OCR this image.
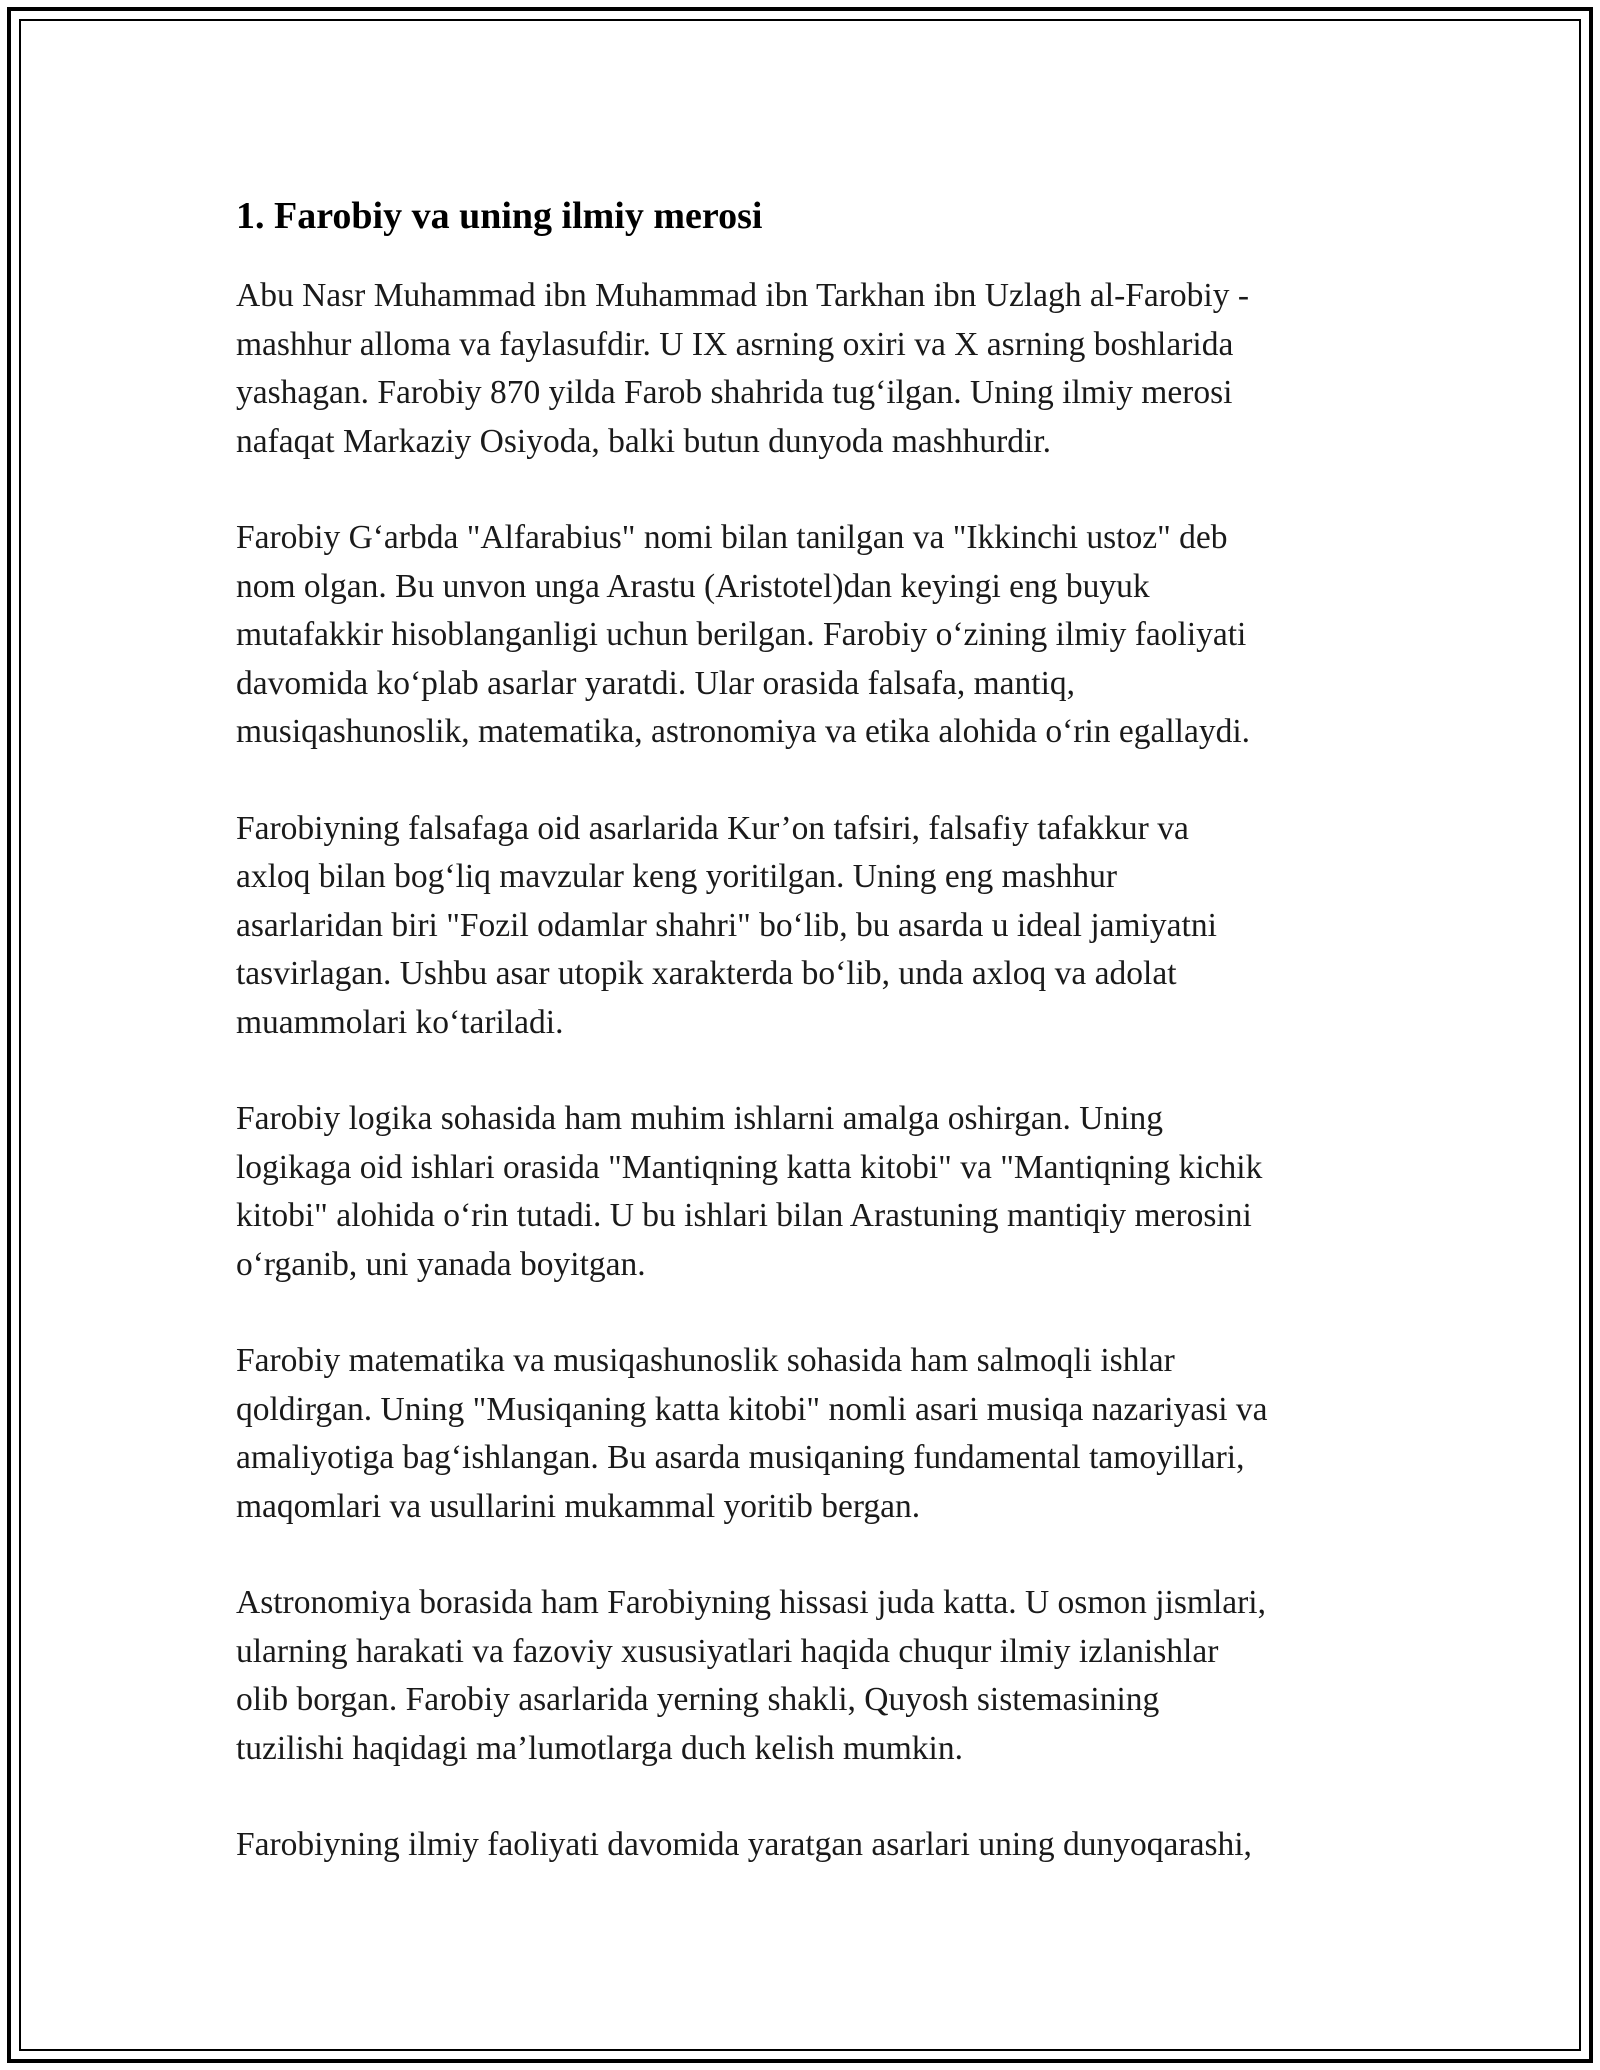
1. Farobiy va uning ilmiy merosi

Abu Nasr Muhammad ibn Muhammad ibn Tarkhan ibn Uzlagh al-Farobiy -
mashhur alloma va faylasufdir. U IX asrning oxiri va X asrning boshlarida
yashagan. Farobiy 870 yilda Farob shahrida tug‘ilgan. Uning ilmiy merosi
nafaqat Markaziy Osiyoda, balki butun dunyoda mashhurdir.

Farobiy G‘arbda "Alfarabius" nomi bilan tanilgan va "Ikkinchi ustoz" deb
nom olgan. Bu unvon unga Arastu (Aristotel)dan keyingi eng buyuk
mutafakkir hisoblanganligi uchun berilgan. Farobiy o‘zining ilmiy faoliyati
davomida ko‘plab asarlar yaratdi. Ular orasida falsafa, mantiq,
musiqashunoslik, matematika, astronomiya va etika alohida o‘rin egallaydi.

Farobiyning falsafaga oid asarlarida Kur’on tafsiri, falsafiy tafakkur va
axloq bilan bog‘liq mavzular keng yoritilgan. Uning eng mashhur
asarlaridan biri "Fozil odamlar shahri" bo‘lib, bu asarda u ideal jamiyatni
tasvirlagan. Ushbu asar utopik xarakterda bo‘lib, unda axloq va adolat
muammolari ko‘tariladi.

Farobiy logika sohasida ham muhim ishlarni amalga oshirgan. Uning
logikaga oid ishlari orasida "Mantiqning katta kitobi" va "Mantiqning kichik
kitobi" alohida o‘rin tutadi. U bu ishlari bilan Arastuning mantiqiy merosini
o‘rganib, uni yanada boyitgan.

Farobiy matematika va musiqashunoslik sohasida ham salmoqli ishlar
qoldirgan. Uning "Musiqaning katta kitobi" nomli asari musiqa nazariyasi va
amaliyotiga bag‘ishlangan. Bu asarda musiqaning fundamental tamoyillari,
maqomlari va usullarini mukammal yoritib bergan.

Astronomiya borasida ham Farobiyning hissasi juda katta. U osmon jismlari,
ularning harakati va fazoviy xususiyatlari haqida chuqur ilmiy izlanishlar
olib borgan. Farobiy asarlarida yerning shakli, Quyosh sistemasining
tuzilishi haqidagi ma’lumotlarga duch kelish mumkin.

Farobiyning ilmiy faoliyati davomida yaratgan asarlari uning dunyoqarashi,
